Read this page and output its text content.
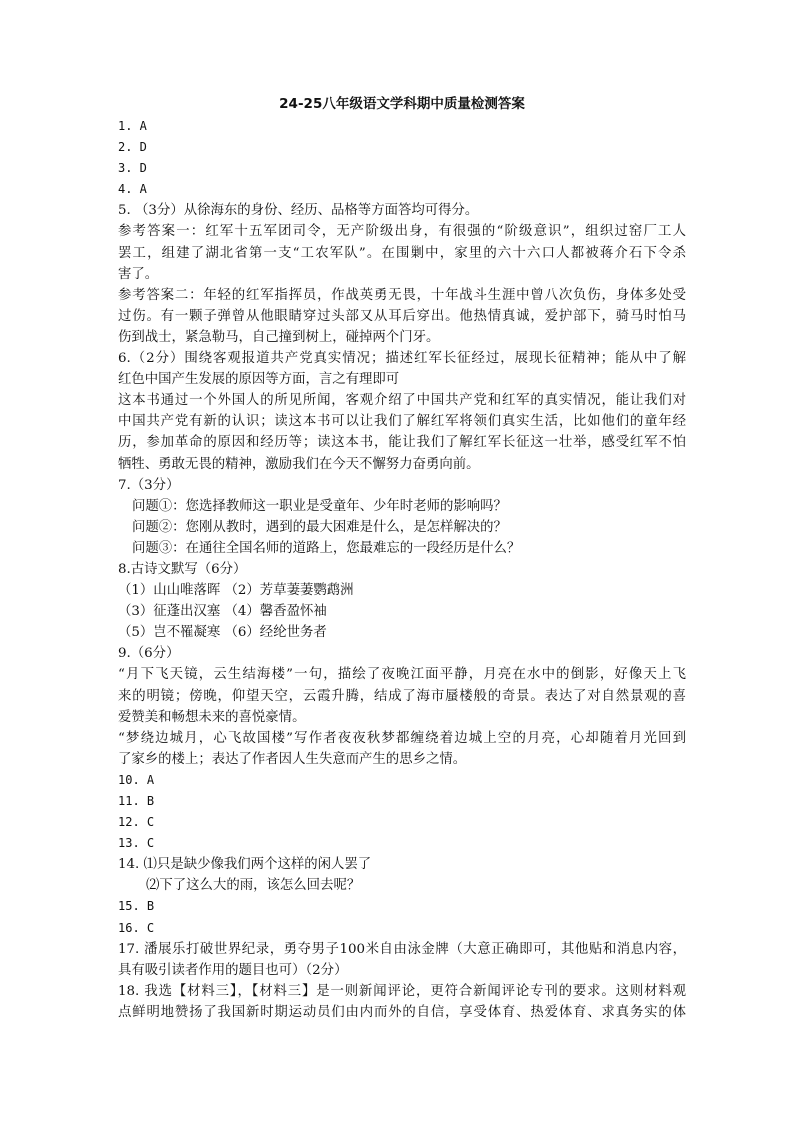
24-25八年级语文学科期中质量检测答案
1. A
2. D
3. D
4. A
5. （3分）从徐海东的身份、经历、品格等方面答均可得分。
参考答案一：红军十五军团司令，无产阶级出身，有很强的“阶级意识”，组织过窑厂工人
罢工，组建了湖北省第一支“工农军队”。在围剿中，家里的六十六口人都被蒋介石下令杀
害了。
参考答案二：年轻的红军指挥员，作战英勇无畏，十年战斗生涯中曾八次负伤，身体多处受
过伤。有一颗子弹曾从他眼睛穿过头部又从耳后穿出。他热情真诚，爱护部下，骑马时怕马
伤到战士，紧急勒马，自己撞到树上，碰掉两个门牙。
6.（2分）围绕客观报道共产党真实情况；描述红军长征经过，展现长征精神；能从中了解
红色中国产生发展的原因等方面，言之有理即可
这本书通过一个外国人的所见所闻，客观介绍了中国共产党和红军的真实情况，能让我们对
中国共产党有新的认识；读这本书可以让我们了解红军将领们真实生活，比如他们的童年经
历，参加革命的原因和经历等；读这本书，能让我们了解红军长征这一壮举，感受红军不怕
牺牲、勇敢无畏的精神，激励我们在今天不懈努力奋勇向前。
7.（3分）
问题①：您选择教师这一职业是受童年、少年时老师的影响吗？
问题②：您刚从教时，遇到的最大困难是什么，是怎样解决的？
问题③：在通往全国名师的道路上，您最难忘的一段经历是什么？
8.古诗文默写（6分）
（1）山山唯落晖 （2）芳草萋萋鹦鹉洲
（3）征蓬出汉塞 （4）馨香盈怀袖
（5）岂不罹凝寒 （6）经纶世务者
9.（6分）
“月下飞天镜，云生结海楼”一句，描绘了夜晚江面平静，月亮在水中的倒影，好像天上飞
来的明镜；傍晚，仰望天空，云霞升腾，结成了海市蜃楼般的奇景。表达了对自然景观的喜
爱赞美和畅想未来的喜悦豪情。
“梦绕边城月，心飞故国楼”写作者夜夜秋梦都缠绕着边城上空的月亮，心却随着月光回到
了家乡的楼上；表达了作者因人生失意而产生的思乡之情。
10. A
11. B
12. C
13. C
14. ⑴只是缺少像我们两个这样的闲人罢了
⑵下了这么大的雨，该怎么回去呢？
15. B
16. C
17. 潘展乐打破世界纪录，勇夺男子100米自由泳金牌（大意正确即可，其他贴和消息内容，
具有吸引读者作用的题目也可）（2分）
18. 我选【材料三】，【材料三】是一则新闻评论，更符合新闻评论专刊的要求。这则材料观
点鲜明地赞扬了我国新时期运动员们由内而外的自信，享受体育、热爱体育、求真务实的体
